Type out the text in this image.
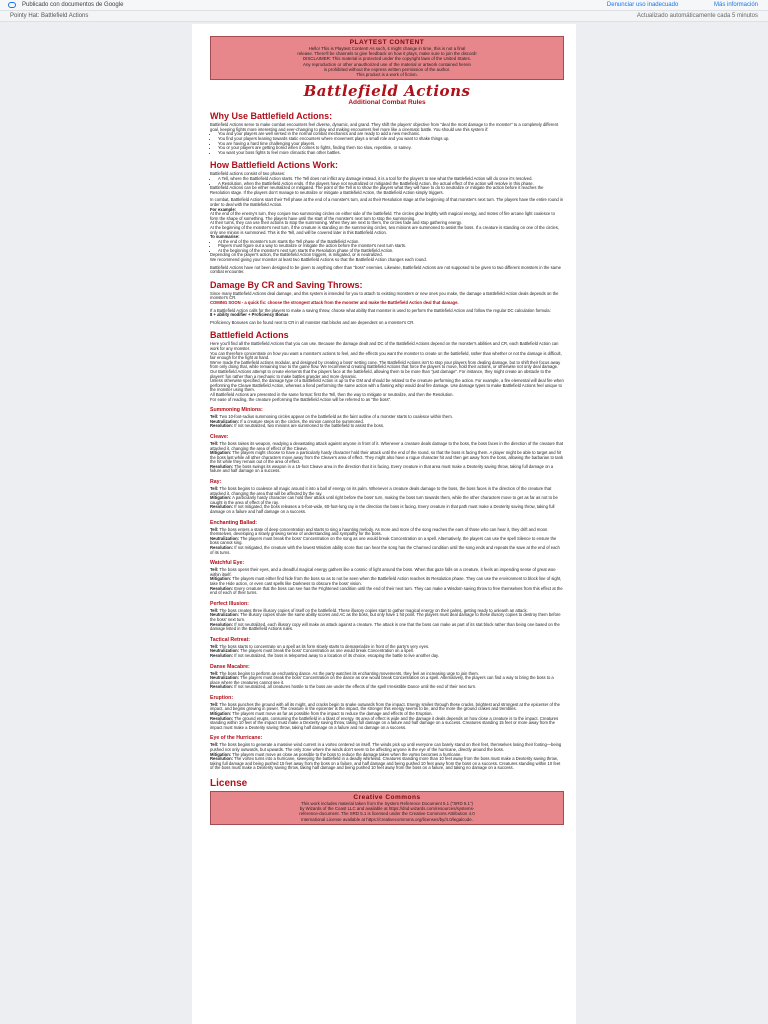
Publicado con documentos de Google	Denunciar uso inadecuado	Más información
Pointy Hat: Battlefield Actions	Actualizado automáticamente cada 5 minutos
PLAYTEST CONTENT
Hello! This is Playtest Content! As such, it might change in time, this is not a final
release. There'll be channels to give feedback on how it plays, make sure to join the discord!
DISCLAIMER: This material is protected under the copyright laws of the United States.
Any reproduction or other unauthorized use of the material or artwork contained herein
is prohibited without the express written permission of the author.
This product is a work of fiction.
Battlefield Actions
Additional Combat Rules
Why Use Battlefield Actions:

Battlefield Actions serve to make combat encounters feel diverse, dynamic, and grand. They shift the players' objective from "deal the most damage to the monster" to a completely different goal, keeping fights more interesting and ever-changing to play and making encounters feel more like a cinematic battle. You should use this system if:

• You and your players are well versed in the normal combat mechanics and are ready to add a new mechanic.
• You find your players leaning towards static encounters where movement plays a small role and you want to shake things up.
• You are having a hard time challenging your players.
• You or your players are getting bored when it comes to fights, finding them too slow, repetitive, or samey.
• You want your boss fights to feel more climactic than other battles.
How Battlefield Actions Work:

Battlefield actions consist of two phases:

• A Tell, where the Battlefield Action starts. The Tell does not inflict any damage instead, it is a tool for the players to see what the Battlefield Action will do once it's resolved.
• A Resolution, when the Battlefield Action ends. If the players have not neutralized or mitigated the Battlefield Action, the actual effect of the action will resolve in this phase.

Battlefield Actions can be either neutralized or mitigated. The point of the Tell is to show the players what they will have to do to neutralize or mitigate the action before it reaches the Resolution stage. If the players don't manage to neutralize or mitigate a Battlefield Action, the Battlefield Action simply triggers.

In combat, Battlefield Actions start their Tell phase at the end of a monster's turn, and at their Resolution stage at the beginning of that monster's next turn. The players have the entire round in order to deal with the Battlefield Action.

For example:

At the end of the enemy's turn, they conjure two summoning circles on either side of the battlefield. The circles glow brightly with magical energy, and motes of fire arcane light coalesce to form the shape of something. The players have until the start of the monster's next turn to stop the summoning.

At their turns, they can use their actions to stop the summoning. When they are next to them, the circles fade and stop gathering energy.

At the beginning of the monster's next turn, if the creature is standing on the summoning circles, two minions are summoned to assist the boss. If a creature is standing on one of the circles, only one minion is summoned. This is the Tell, and will be covered later in this Battlefield Action.

To summarise:

• At the end of the monster's turn starts the Tell phase of the Battlefield Action.
• Players must figure out a way to neutralize or mitigate the action before the monster's next turn starts.
• At the beginning of the monster's next turn starts the Resolution phase of the Battlefield Action.

Depending on the player's action, the Battlefield Action triggers, is mitigated, or is neutralized.

We recommend giving your monster at least two Battlefield Actions so that the Battlefield Action changes each round.

Battlefield Actions have not been designed to be given to anything other than "boss" enemies. Likewise, Battlefield Actions are not supposed to be given to two different monsters in the same combat encounter.

Damage By CR and Saving Throws:

Since many Battlefield Actions deal damage, and this system is intended for you to attach to existing monsters or new ones you make, the damage a Battlefield Action deals depends on the monster's CR.

COMING SOON - a quick fix: choose the strongest attack from the monster and make the Battlefield Action deal that damage.

If a Battlefield Action calls for the players to make a saving throw, choose what ability that monster is used to perform the Battlefield Action and follow the regular DC calculation formula:

8 + ability modifier + Proficiency Bonus

Proficiency Bonuses can be found next to CR in all monster stat blocks and are dependent on a monster's CR.

Battlefield Actions

Here you'll find all the Battlefield Actions that you can use. Because the damage dealt and DC of the Battlefield Actions depend on the monster's abilities and CR, each Battlefield Action can work for any monster.

You can therefore concentrate on how you want a monster's actions to feel, and the effects you want the monster to create on the battlefield, rather than whether or not the damage is difficult, fair enough for the fight at hand.

We've made the battlefield actions modular, and designed by creating a boss' setting cone. The Battlefield Actions isn't to stop your players from dealing damage, but to shift their focus away from only doing that, while remaining true to the game flow. We recommend creating Battlefield Actions that force the players to move, hold their actions, or otherwise not only deal damage. Our Battlefield Actions attempt to create elements that the players face at the battlefield, allowing them to be more than "just damage". For instance, they might create an obstacle to the players' fun rather than a mechanic to make battles grander and more dynamic.

Unless otherwise specified, the damage type of a Battlefield Action is up to the GM and should be related to the creature performing the action. For example, a fire elemental will deal fire when performing the Cleave Battlefield Action, whereas a fiend performing the same action with a flaming whip would deal fire damage. Use damage types to make Battlefield Actions feel unique to the monster using them.

All Battlefield Actions are presented in the same format: first the Tell, then the way to mitigate or neutralize, and then the Resolution.

For ease of reading, the creature performing the Battlefield Action will be referred to as "the boss".

Summoning Minions:

Tell: Two 10-foot-radius summoning circles appear on the battlefield as the faint outline of a monster starts to coalesce within them.

Neutralization: If a creature steps on the circles, the minion cannot be summoned.

Resolution: If not neutralized, two minions are summoned to the battlefield to assist the boss.

Cleave:

Tell: The boss raises its weapon, readying a devastating attack against anyone in front of it. Whenever a creature deals damage to the boss, the boss faces in the direction of the creature that attacked it, changing the area of effect of the Cleave.

Mitigation: The players might choose to have a particularly hardy character hold their attack until the end of the round, so that the boss is facing them. A player might be able to target and hit the boss last while all other characters move away from the Cleave's area of effect. They might also have a rogue character hit and then get away from the boss, allowing the barbarian to tank the hit while they remain out of the area of effect.

Resolution: The boss swings its weapon in a 15-foot Cleave area in the direction that it is facing. Every creature in that area must make a Dexterity saving throw, taking full damage on a failure and half damage on a success.

Ray:

Tell: The boss begins to coalesce all magic around it into a ball of energy on its palm. Whenever a creature deals damage to the boss, the boss faces in the direction of the creature that attacked it, changing the area that will be affected by the ray.

Mitigation: A particularly hardy character can hold their attack until right before the boss' turn, making the boss turn towards them, while the other characters move to get as far as not to be caught in the area of effect of the ray.

Resolution: If not mitigated, the boss releases a 5-foot-wide, 60-foot-long ray in the direction the boss is facing. Every creature in that path must make a Dexterity saving throw, taking full damage on a failure and half damage on a success.

Enchanting Ballad:

Tell: The boss enters a state of deep concentration and starts to sing a haunting melody. As more and more of the song reaches the ears of those who can hear it, they drift and moon themselves, developing a slowly growing sense of understanding and sympathy for the boss.

Neutralization: The players must break the boss' Concentration on the song as one would break Concentration on a spell. Alternatively, the players can use the spell Silence to ensure the boss cannot sing.

Resolution: If not mitigated, the creature with the lowest Wisdom ability score that can hear the song has the Charmed condition until the song ends and repeats the save at the end of each of its turns.

Watchful Eye:

Tell: The boss opens their eyes, and a dreadful magical energy gathers like a cosmic of light around the boss. When that gaze falls on a creature, it feels an impending sense of great woe within itself.

Mitigation: The players must either find hide from the boss so as to not be seen when the Battlefield Action reaches its Resolution phase. They can use the environment to block line of sight, take the Hide action, or even cast spells like Darkness to obscure the boss' vision.

Resolution: Every creature that the boss can see has the Frightened condition until the end of their next turn. They can make a Wisdom saving throw to free themselves from this effect at the end of each of their turns.

Perfect Illusion:

Tell: The boss creates three illusory copies of itself on the battlefield. These illusory copies start to gather magical energy on their palms, getting ready to unleash an attack.

Neutralization: The illusory copies share the same ability scores and AC as the boss, but only have 1 hit point. The players must deal damage to these illusory copies to destroy them before the boss' next turn.

Resolution: If not neutralized, each illusory copy will make an attack against a creature. The attack is one that the boss can make as part of its stat block rather than being one based on the damage listed in the Battlefield Actions rules.

Tactical Retreat:

Tell: The boss starts to concentrate on a spell as its form slowly starts to dematerialize in front of the party's very eyes.

Neutralization: The players must break the boss' Concentration as one would break Concentration on a spell.

Resolution: If not neutralized, the boss is teleported away to a location of its choice, escaping the battle to live another day.

Danse Macabre:

Tell: The boss begins to perform an enchanting dance. As the party watches its enchanting movements, they feel an increasing urge to join them.

Neutralization: The players must break the boss' Concentration on the dance as one would break Concentration on a spell. Alternatively, the players can find a way to bring the boss to a place where the creatures cannot see it.

Resolution: If not neutralized, all creatures hostile to the boss are under the effects of the spell Irresistible Dance until the end of their next turn.

Eruption:

Tell: The boss punches the ground with all its might, and cracks begin to snake outwards from the impact. Energy smiles through these cracks, brightest and strongest at the epicenter of the impact, and begins growing in power. The creature in the epicenter is the impact, the stronger this energy seems to be, and the more the ground crakes and trembles.

Mitigation: The players must move as far as possible from the impact to reduce the damage and effects of the Eruption.

Resolution: The ground erupts, consuming the battlefield in a blast of energy. Its area of effect is wide and the damage it deals depends on how close a creature is to the impact. Creatures standing within 10 feet of the impact must make a Dexterity saving throw, taking full damage on a failure and half damage on a success. Creatures standing 15 feet or more away from the impact must make a Dexterity saving throw, taking half damage on a failure and no damage on a success.

Eye of the Hurricane:

Tell: The boss begins to generate a massive wind current in a vortex centered on itself. The winds pick up until everyone can barely stand on their feet, themselves losing their footing—being pushed not only outwards, but upwards. The only zone where the winds don't seem to be affecting anyone is the eye of the hurricane, directly around the boss.

Mitigation: The players must move as close as possible to the boss to reduce the damage taken when the vortex becomes a hurricane.

Resolution: The vortex turns into a hurricane, sweeping the battlefield in a deadly whirlwind. Creatures standing more than 10 feet away from the boss must make a Dexterity saving throw, taking full damage and being pushed 15 feet away from the boss on a failure, and half damage and being pushed 10 feet away from the boss on a success. Creatures standing within 10 feet of the boss must make a Dexterity saving throw, taking half damage and being pushed 10 feet away from the boss on a failure, and taking no damage on a success.

License
Creative Commons
This work includes material taken from the System Reference Document 5.1 ("SRD 5.1")
by Wizards of the Coast LLC and available at https://dnd.wizards.com/resources/systems-
reference-document. The SRD 5.1 is licensed under the Creative Commons Attribution 4.0
International License available at https://creativecommons.org/licenses/by/4.0/legalcode.
